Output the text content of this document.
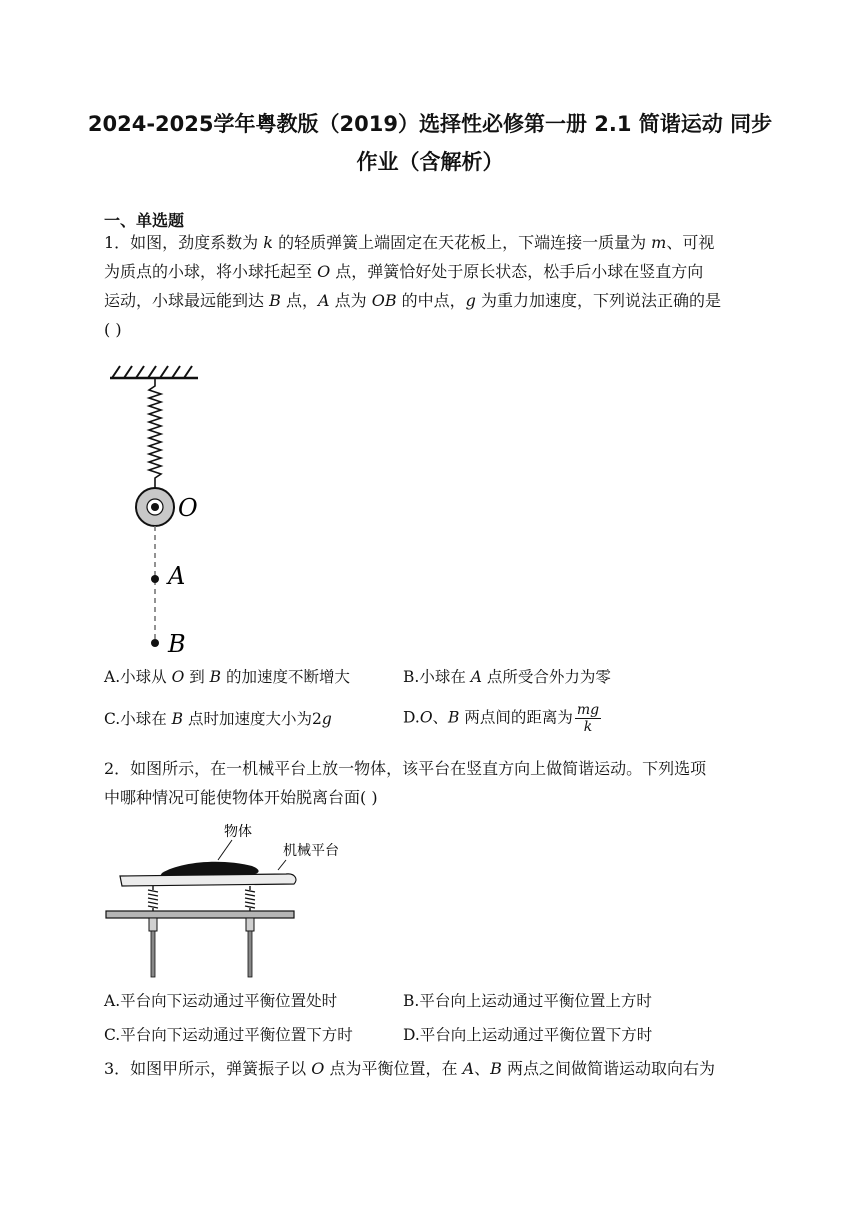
2024-2025学年粤教版（2019）选择性必修第一册 2.1 简谐运动 同步
作业（含解析）
一、单选题
1．如图，劲度系数为 k 的轻质弹簧上端固定在天花板上，下端连接一质量为 m、可视
为质点的小球，将小球托起至 O 点，弹簧恰好处于原长状态，松手后小球在竖直方向
运动，小球最远能到达 B 点，A 点为 OB 的中点，g 为重力加速度，下列说法正确的是
( )
O
A
B
A.小球从 O 到 B 的加速度不断增大	B.小球在 A 点所受合外力为零
C.小球在 B 点时加速度大小为2g	D.O、B 两点间的距离为 $\frac{mg}{k}$
2．如图所示，在一机械平台上放一物体，该平台在竖直方向上做简谐运动。下列选项
中哪种情况可能使物体开始脱离台面( )
物体
机械平台
A.平台向下运动通过平衡位置处时	B.平台向上运动通过平衡位置上方时
C.平台向下运动通过平衡位置下方时	D.平台向上运动通过平衡位置下方时
3．如图甲所示，弹簧振子以 O 点为平衡位置，在 A、B 两点之间做简谐运动取向右为
